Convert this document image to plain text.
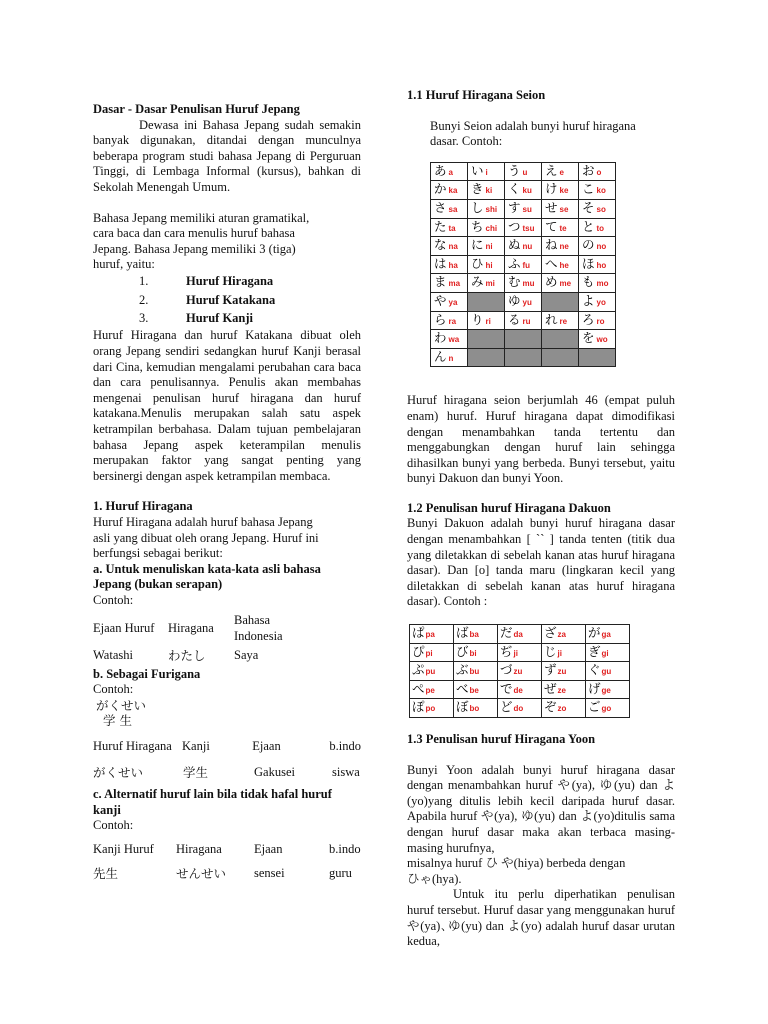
Dasar - Dasar Penulisan Huruf Jepang

Dewasa ini Bahasa Jepang sudah semakin banyak digunakan, ditandai dengan munculnya beberapa program studi bahasa Jepang di Perguruan Tinggi, di Lembaga Informal (kursus), bahkan di Sekolah Menengah Umum.

Bahasa Jepang memiliki aturan gramatikal,

cara baca dan cara menulis huruf bahasa

Jepang. Bahasa Jepang memiliki 3 (tiga)

huruf, yaitu:

1.	Huruf Hiragana
2.	Huruf Katakana
3.	Huruf Kanji

Huruf Hiragana dan huruf Katakana dibuat oleh orang Jepang sendiri sedangkan huruf Kanji berasal dari Cina, kemudian mengalami perubahan cara baca dan cara penulisannya. Penulis akan membahas mengenai penulisan huruf hiragana dan huruf katakana.Menulis merupakan salah satu aspek ketrampilan berbahasa. Dalam tujuan pembelajaran bahasa Jepang aspek keterampilan menulis merupakan faktor yang sangat penting yang bersinergi dengan aspek ketrampilan membaca.

1. Huruf Hiragana

Huruf Hiragana adalah huruf bahasa Jepang

asli yang dibuat oleh orang Jepang. Huruf ini

berfungsi sebagai berikut:

a. Untuk menuliskan kata-kata asli bahasa Jepang (bukan serapan)

Contoh:

Ejaan Huruf	Hiragana
Bahasa Indonesia
Watashi	わたし	Saya

b. Sebagai Furigana

Contoh:

がくせい

学 生

Huruf Hiragana Kanji	Ejaan	b.indo
がくせい	学生	Gakusei	siswa

c. Alternatif huruf lain bila tidak hafal huruf kanji

Contoh:

Kanji Huruf	Hiragana	Ejaan	b.indo
先生	せんせい	sensei	guru

1.1 Huruf Hiragana Seion

Bunyi Seion adalah bunyi huruf hiragana

dasar. Contoh:

あ a	い i	う u	え e	お o
か ka	き ki	く ku	け ke	こ ko
さ sa	し shi	す su	せ se	そ so
た ta	ち chi	つ tsu	て te	と to
な na	に ni	ぬ nu	ね ne	の no
は ha	ひ hi	ふ fu	へ he	ほ ho
ま ma	み mi	む mu	め me	も mo
や ya		ゆ yu		よ yo
ら ra	り ri	る ru	れ re	ろ ro
わ wa				を wo
ん n				

Huruf hiragana seion berjumlah 46 (empat puluh enam) huruf. Huruf hiragana dapat dimodifikasi dengan menambahkan tanda tertentu dan menggabungkan dengan huruf lain sehingga dihasilkan bunyi yang berbeda. Bunyi tersebut, yaitu bunyi Dakuon dan bunyi Yoon.

1.2 Penulisan huruf Hiragana Dakuon

Bunyi Dakuon adalah bunyi huruf hiragana dasar dengan menambahkan [ `` ] tanda tenten (titik dua yang diletakkan di sebelah kanan atas huruf hiragana dasar). Dan [o] tanda maru (lingkaran kecil yang diletakkan di sebelah kanan atas huruf hiragana dasar). Contoh :

ぱpa	ばba	だda	ざza	がga
ぴpi	びbi	ぢji	じji	ぎgi
ぷpu	ぶbu	づzu	ずzu	ぐgu
ぺpe	べbe	でde	ぜze	げge
ぽpo	ぼbo	どdo	ぞzo	ごgo

1.3 Penulisan huruf Hiragana Yoon

Bunyi Yoon adalah bunyi huruf hiragana dasar dengan menambahkan huruf や(ya), ゆ(yu) dan よ(yo)yang ditulis lebih kecil daripada huruf dasar. Apabila huruf や(ya), ゆ(yu) dan よ(yo)ditulis sama dengan huruf dasar maka akan terbaca masing-masing hurufnya,

misalnya huruf ひ や(hiya) berbeda dengan

ひゃ(hya).

Untuk itu perlu diperhatikan penulisan huruf tersebut. Huruf dasar yang menggunakan huruf や(ya)､ゆ(yu) dan よ(yo) adalah huruf dasar urutan kedua,
